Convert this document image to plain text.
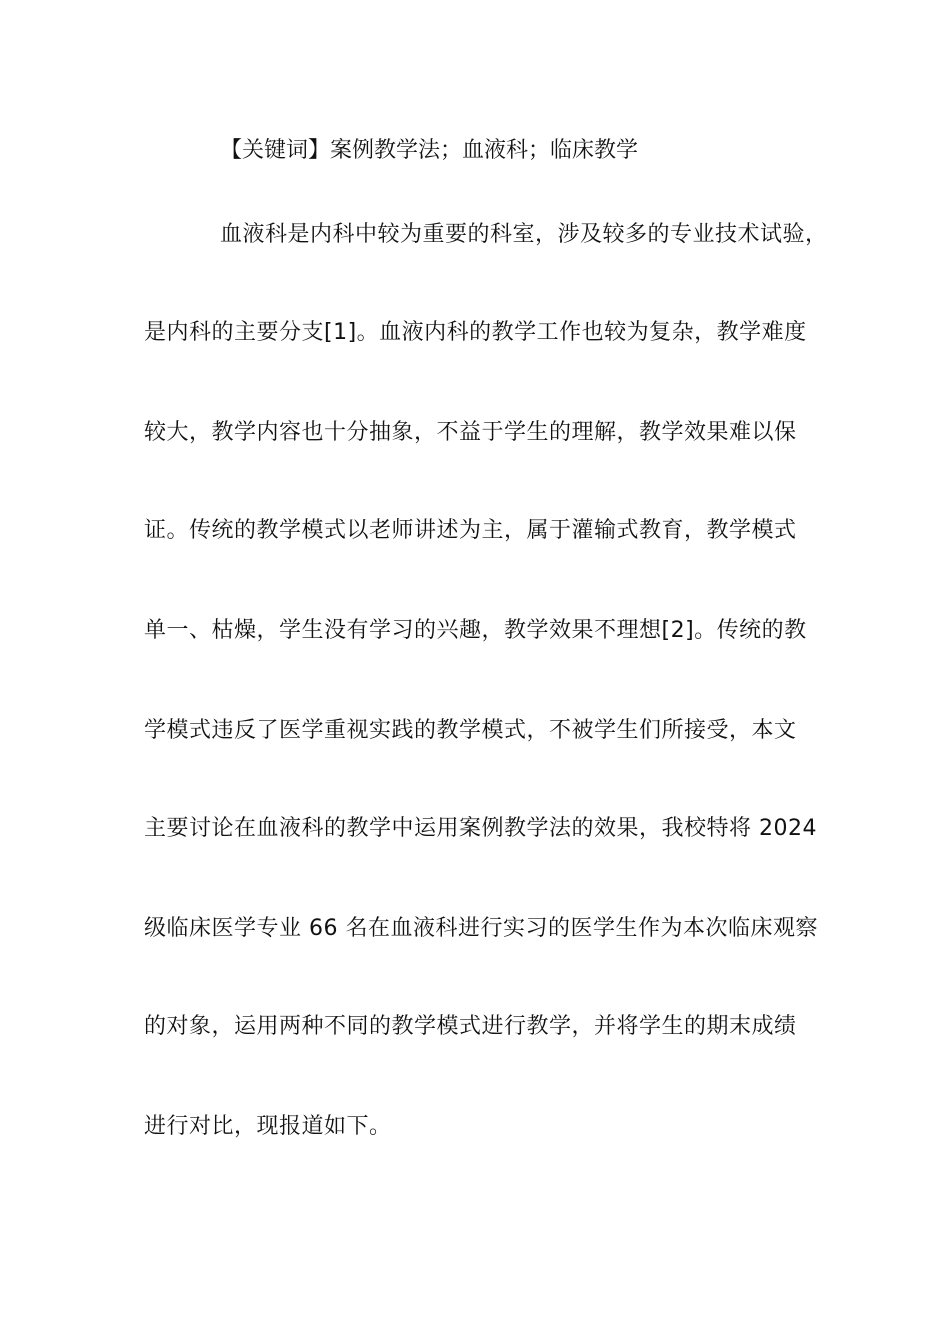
【关键词】案例教学法；血液科；临床教学
血液科是内科中较为重要的科室，涉及较多的专业技术试验，
是内科的主要分支[1]。血液内科的教学工作也较为复杂，教学难度
较大，教学内容也十分抽象，不益于学生的理解，教学效果难以保
证。传统的教学模式以老师讲述为主，属于灌输式教育，教学模式
单一、枯燥，学生没有学习的兴趣，教学效果不理想[2]。传统的教
学模式违反了医学重视实践的教学模式，不被学生们所接受，本文
主要讨论在血液科的教学中运用案例教学法的效果，我校特将 2024
级临床医学专业 66 名在血液科进行实习的医学生作为本次临床观察
的对象，运用两种不同的教学模式进行教学，并将学生的期末成绩
进行对比，现报道如下。
